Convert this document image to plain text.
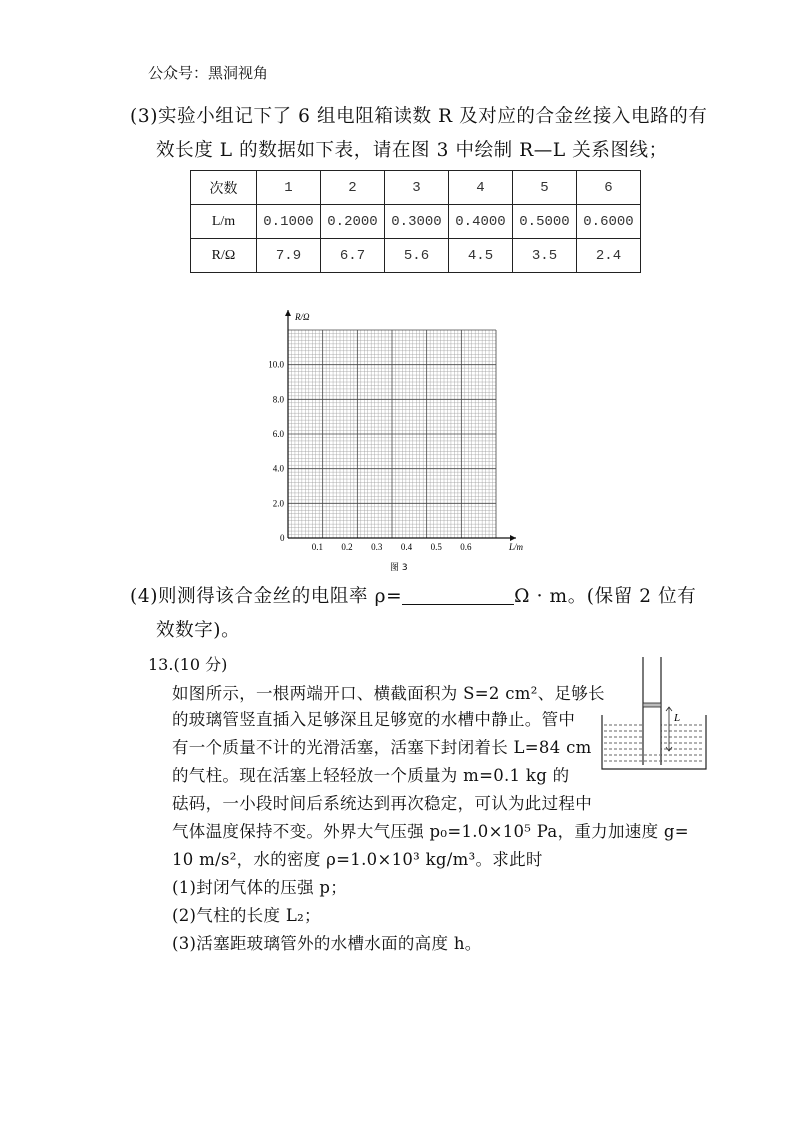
公众号：黑洞视角
(3)实验小组记下了 6 组电阻箱读数 R 及对应的合金丝接入电路的有
效长度 L 的数据如下表，请在图 3 中绘制 R—L 关系图线；
次数	1	2	3	4	5	6
L/m	0.1000	0.2000	0.3000	0.4000	0.5000	0.6000
R/Ω	7.9	6.7	5.6	4.5	3.5	2.4
0.1 0.2 0.3 0.4 0.5 0.6
2.0
4.0
6.0
8.0
10.0
R/Ω
L/m
0
图 3
(4)则测得该合金丝的电阻率 ρ=	Ω · m。(保留 2 位有
效数字)。
13.(10 分)
如图所示，一根两端开口、横截面积为 S=2 cm²、足够长
的玻璃管竖直插入足够深且足够宽的水槽中静止。管中
有一个质量不计的光滑活塞，活塞下封闭着长 L=84 cm
的气柱。现在活塞上轻轻放一个质量为 m=0.1 kg 的
砝码，一小段时间后系统达到再次稳定，可认为此过程中
气体温度保持不变。外界大气压强 p₀=1.0×10⁵ Pa，重力加速度 g=
10 m/s²，水的密度 ρ=1.0×10³ kg/m³。求此时
(1)封闭气体的压强 p；
(2)气柱的长度 L₂；
(3)活塞距玻璃管外的水槽水面的高度 h。
L
